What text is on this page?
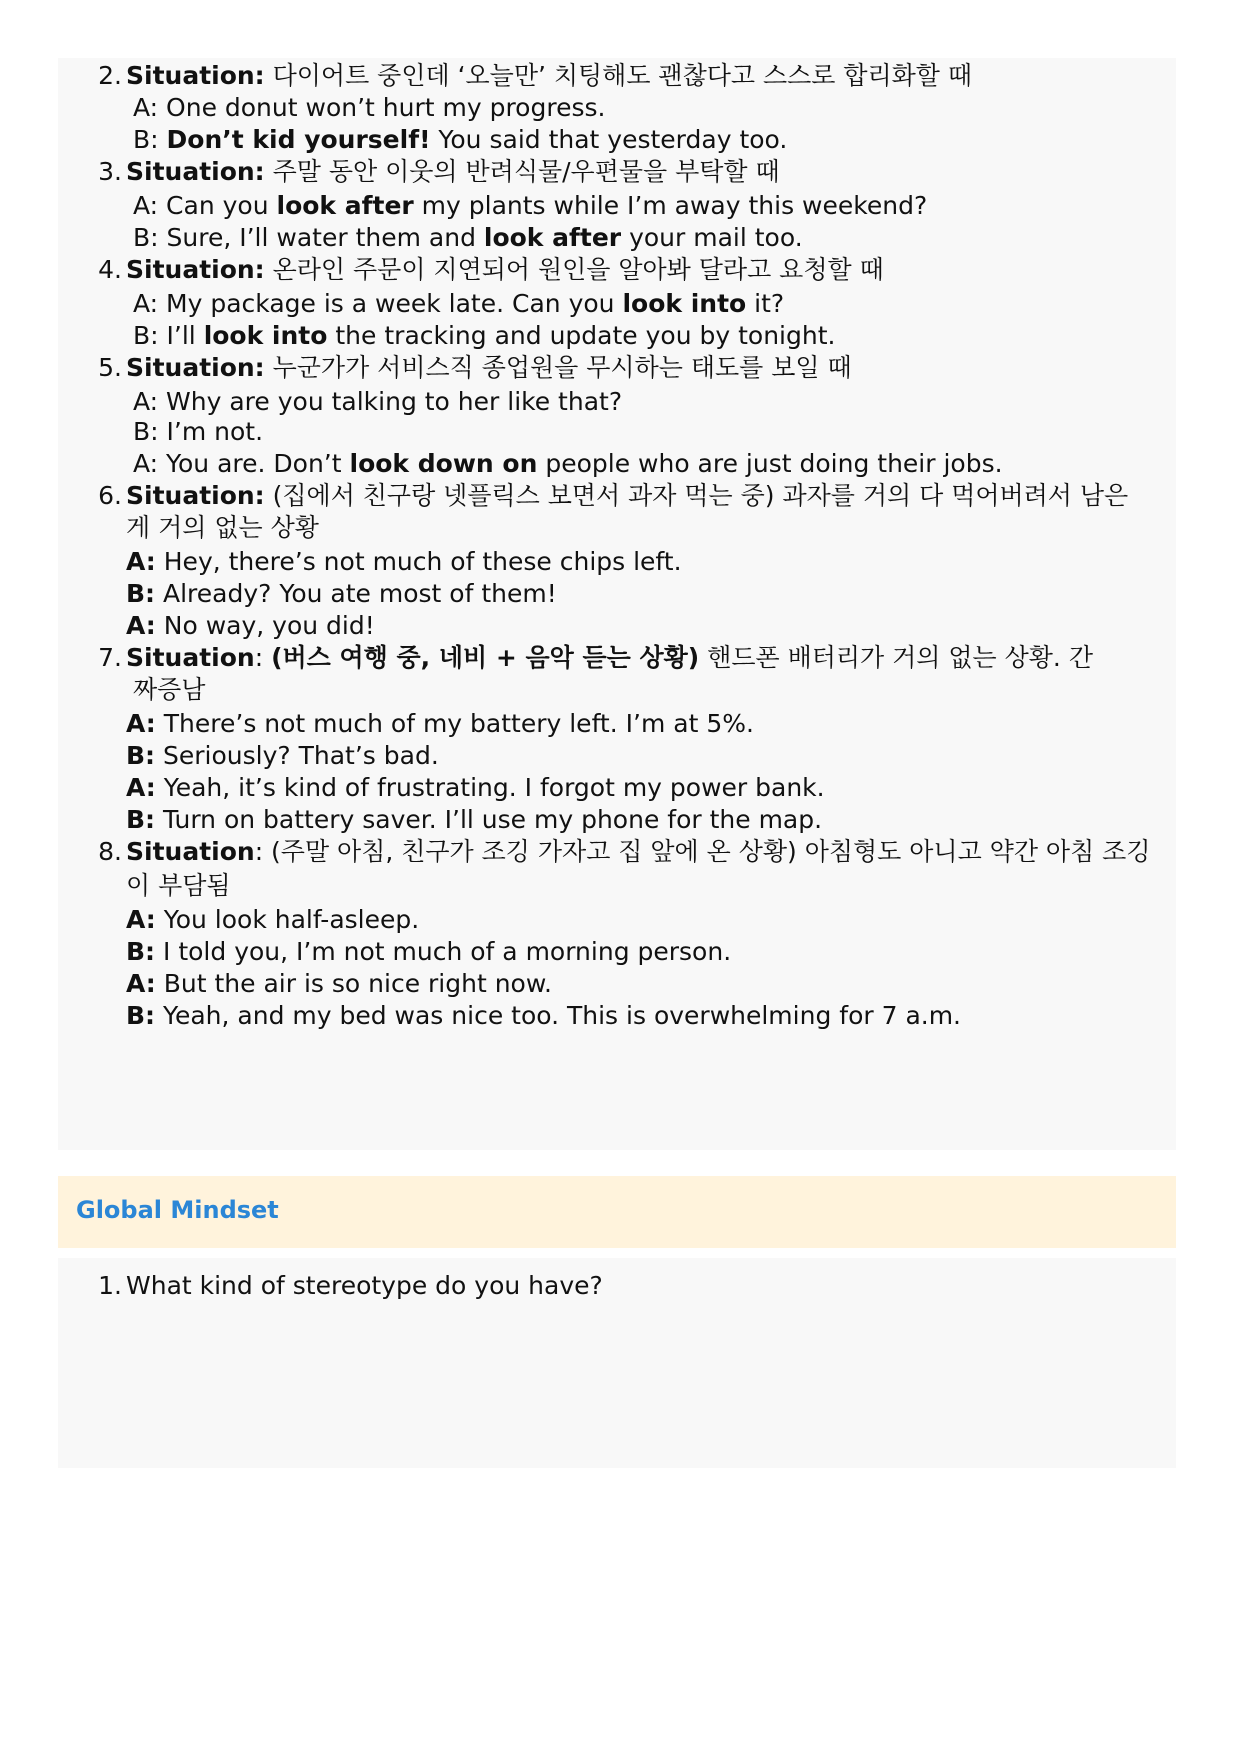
2. Situation: 다이어트 중인데 ‘오늘만’ 치팅해도 괜찮다고 스스로 합리화할 때
A: One donut won’t hurt my progress.
B: Don’t kid yourself! You said that yesterday too.
3. Situation: 주말 동안 이웃의 반려식물/우편물을 부탁할 때
A: Can you look after my plants while I’m away this weekend?
B: Sure, I’ll water them and look after your mail too.
4. Situation: 온라인 주문이 지연되어 원인을 알아봐 달라고 요청할 때
A: My package is a week late. Can you look into it?
B: I’ll look into the tracking and update you by tonight.
5. Situation: 누군가가 서비스직 종업원을 무시하는 태도를 보일 때
A: Why are you talking to her like that?
B: I’m not.
A: You are. Don’t look down on people who are just doing their jobs.
6. Situation: (집에서 친구랑 넷플릭스 보면서 과자 먹는 중) 과자를 거의 다 먹어버려서 남은
게 거의 없는 상황
A: Hey, there’s not much of these chips left.
B: Already? You ate most of them!
A: No way, you did!
7. Situation: (버스 여행 중, 네비 + 음악 듣는 상황) 핸드폰 배터리가 거의 없는 상황. 간
짜증남
A: There’s not much of my battery left. I’m at 5%.
B: Seriously? That’s bad.
A: Yeah, it’s kind of frustrating. I forgot my power bank.
B: Turn on battery saver. I’ll use my phone for the map.
8. Situation: (주말 아침, 친구가 조깅 가자고 집 앞에 온 상황) 아침형도 아니고 약간 아침 조깅
이 부담됨
A: You look half-asleep.
B: I told you, I’m not much of a morning person.
A: But the air is so nice right now.
B: Yeah, and my bed was nice too. This is overwhelming for 7 a.m.
Global Mindset
1. What kind of stereotype do you have?
